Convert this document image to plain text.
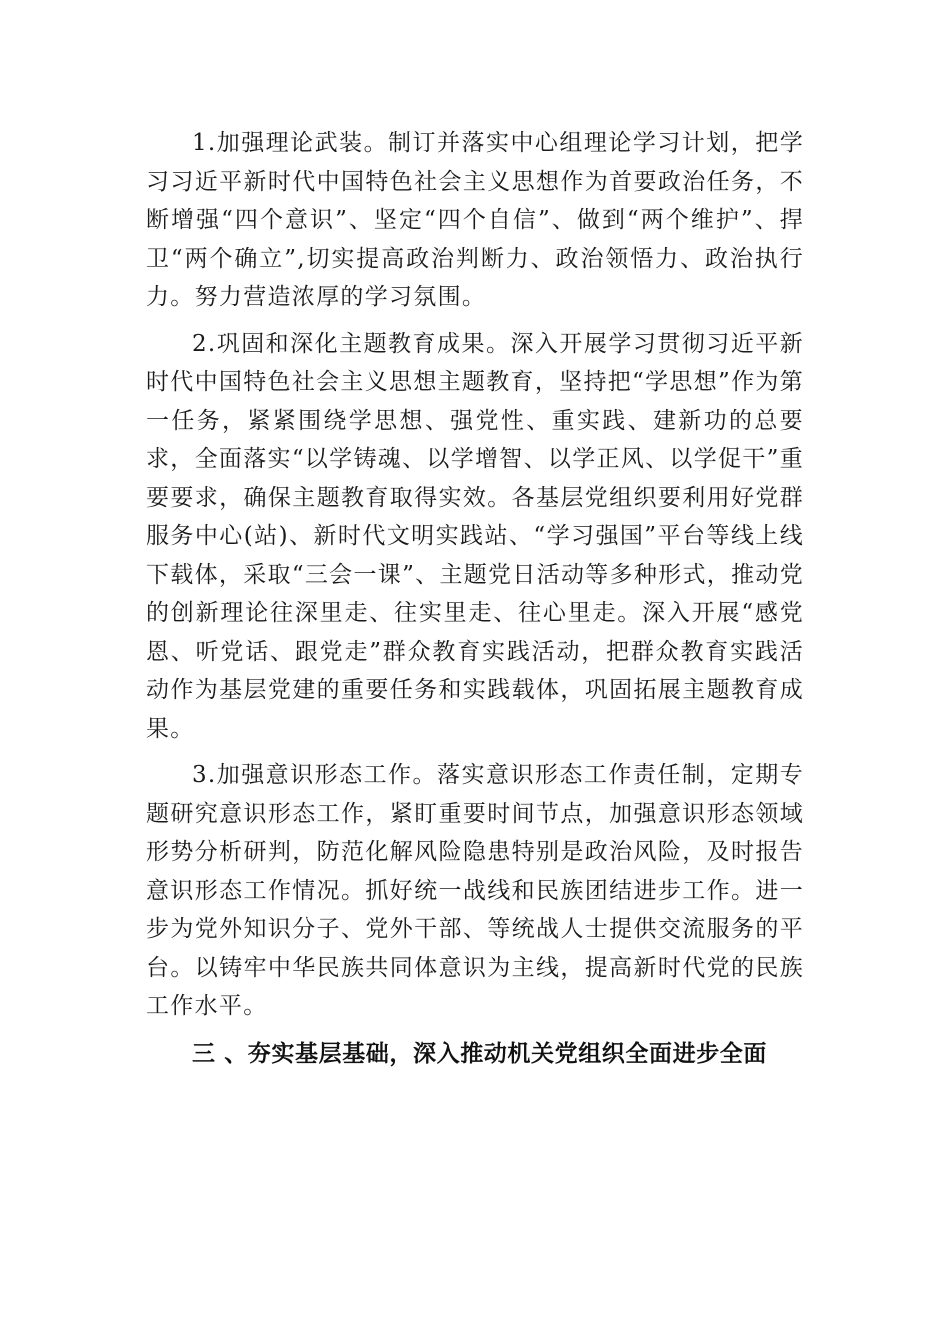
1.加强理论武装。制订并落实中心组理论学习计划，把学习习近平新时代中国特色社会主义思想作为首要政治任务，不断增强“四个意识”、坚定“四个自信”、做到“两个维护”、捍卫“两个确立”,切实提高政治判断力、政治领悟力、政治执行力。努力营造浓厚的学习氛围。

2.巩固和深化主题教育成果。深入开展学习贯彻习近平新时代中国特色社会主义思想主题教育，坚持把“学思想”作为第一任务，紧紧围绕学思想、强党性、重实践、建新功的总要求，全面落实“以学铸魂、以学增智、以学正风、以学促干”重要要求，确保主题教育取得实效。各基层党组织要利用好党群服务中心(站)、新时代文明实践站、“学习强国”平台等线上线下载体，采取“三会一课”、主题党日活动等多种形式，推动党的创新理论往深里走、往实里走、往心里走。深入开展“感党恩、听党话、跟党走”群众教育实践活动，把群众教育实践活动作为基层党建的重要任务和实践载体，巩固拓展主题教育成果。

3.加强意识形态工作。落实意识形态工作责任制，定期专题研究意识形态工作，紧盯重要时间节点，加强意识形态领域形势分析研判，防范化解风险隐患特别是政治风险，及时报告意识形态工作情况。抓好统一战线和民族团结进步工作。进一步为党外知识分子、党外干部、等统战人士提供交流服务的平台。以铸牢中华民族共同体意识为主线，提高新时代党的民族工作水平。

三 、夯实基层基础，深入推动机关党组织全面进步全面
